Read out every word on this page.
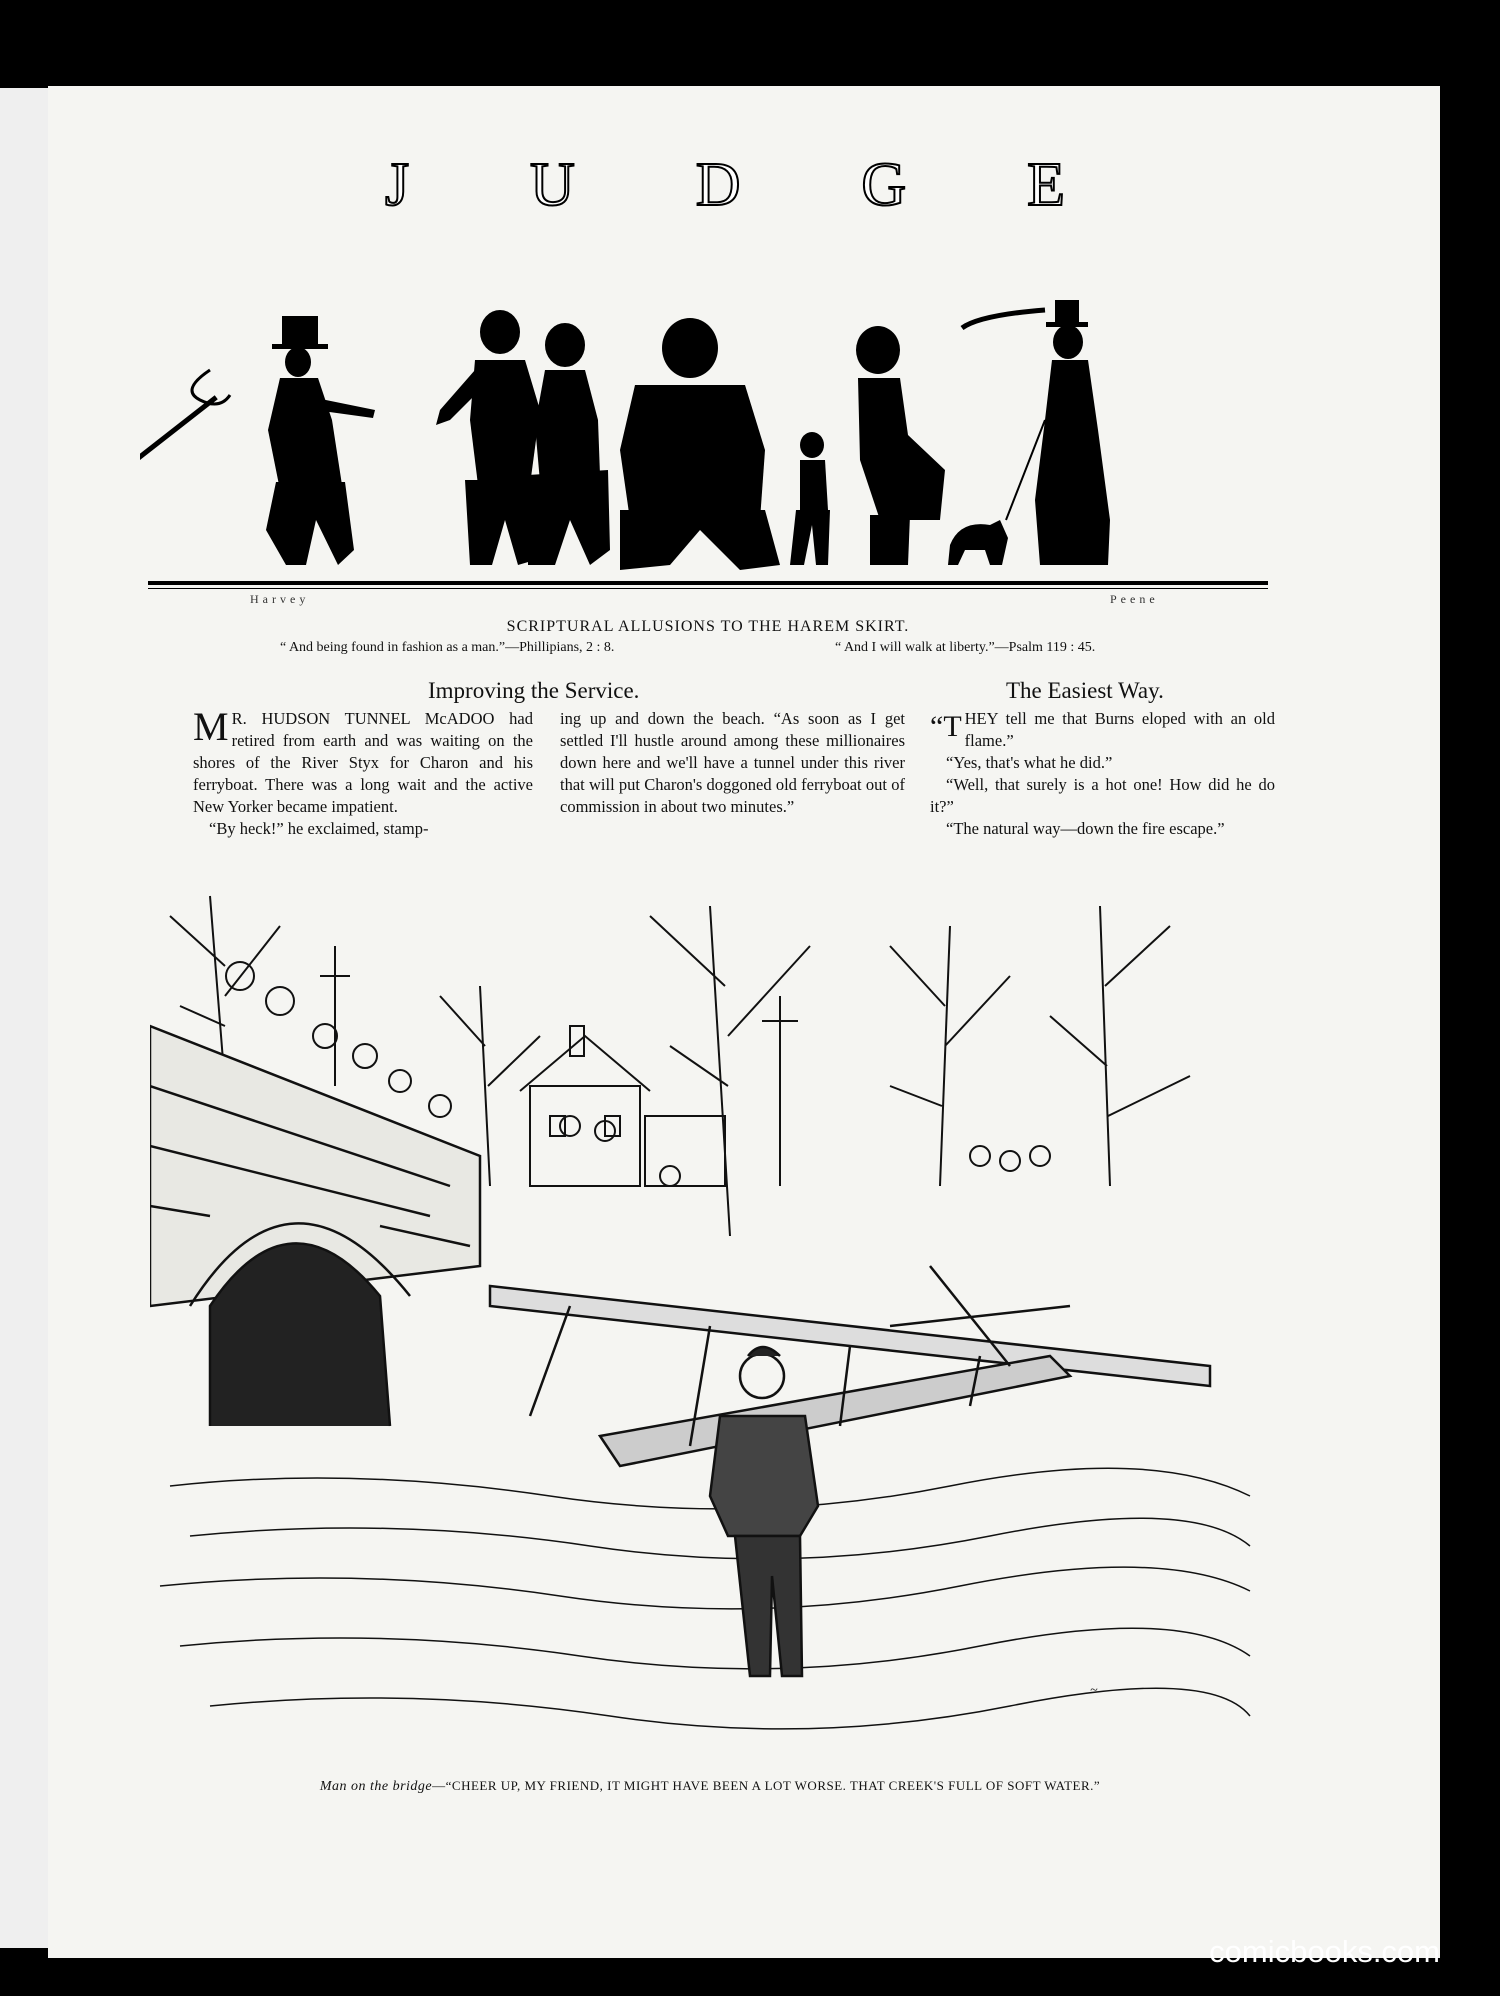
J U D G E
Harvey	Peene
SCRIPTURAL ALLUSIONS TO THE HAREM SKIRT.
“ And being found in fashion as a man.”—Phillipians, 2 : 8.	“ And I will walk at liberty.”—Psalm 119 : 45.
Improving the Service.

M R. HUDSON TUNNEL McADOO had retired from earth and was waiting on the shores of the River Styx for Charon and his ferryboat. There was a long wait and the active New Yorker became impatient.

“By heck!” he exclaimed, stamp-

ing up and down the beach. “As soon as I get settled I'll hustle around among these millionaires down here and we'll have a tunnel under this river that will put Charon's doggoned old ferryboat out of commission in about two minutes.”

The Easiest Way.

“THEY tell me that Burns eloped with an old flame.”

“Yes, that's what he did.”

“Well, that surely is a hot one! How did he do it?”

“The natural way—down the fire escape.”

~
Man on the bridge—“CHEER UP, MY FRIEND, IT MIGHT HAVE BEEN A LOT WORSE. THAT CREEK'S FULL OF SOFT WATER.”
comicbooks.com
